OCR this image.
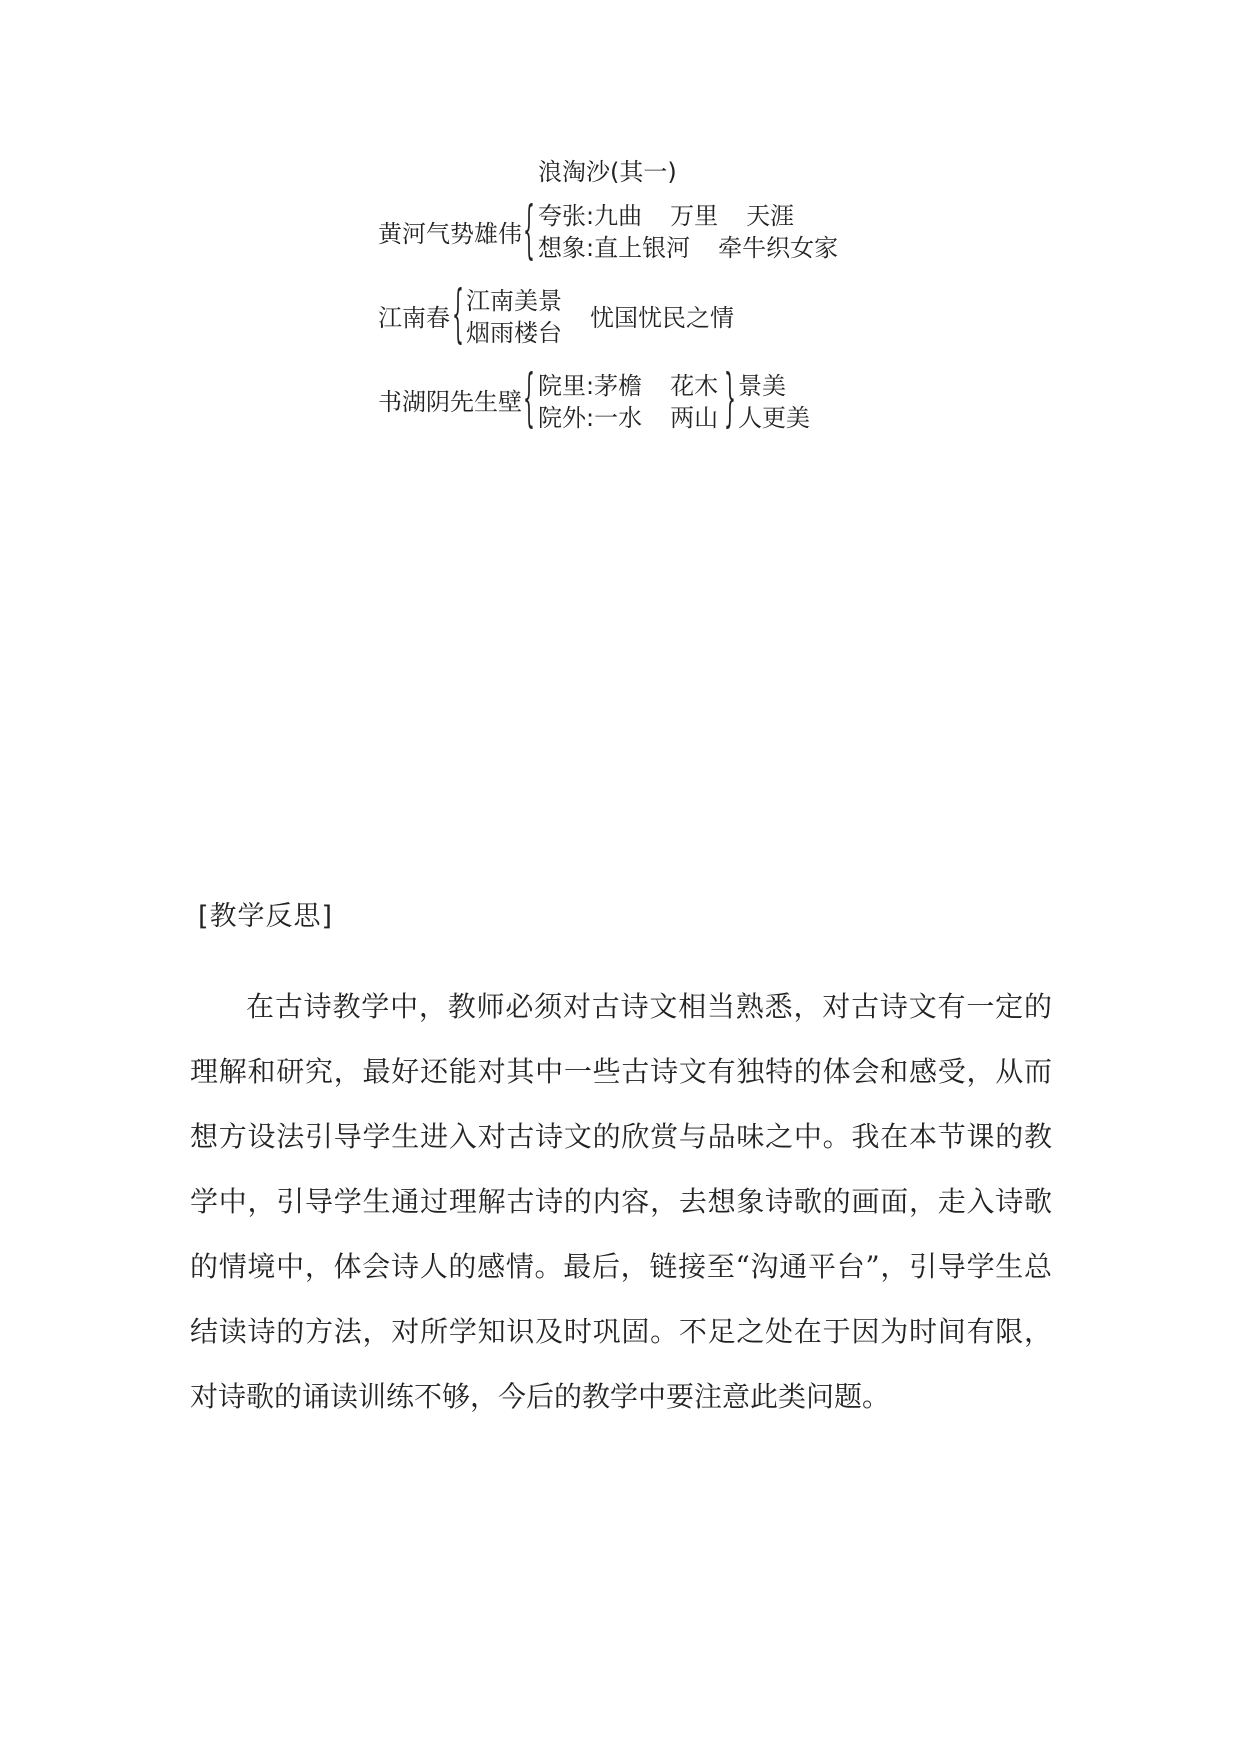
浪淘沙(其一)
黄河气势雄伟 { 夸张:九曲 万里 天涯
想象:直上银河 牵牛织女家
江南春 { 江南美景
烟雨楼台
忧国忧民之情
书湖阴先生壁 { 院里:茅檐 花木
院外:一水 两山 } 景美
人更美
[教学反思]

在古诗教学中，教师必须对古诗文相当熟悉，对古诗文有一定的理解和研究，最好还能对其中一些古诗文有独特的体会和感受，从而想方设法引导学生进入对古诗文的欣赏与品味之中。我在本节课的教学中，引导学生通过理解古诗的内容，去想象诗歌的画面，走入诗歌的情境中，体会诗人的感情。最后，链接至“沟通平台”，引导学生总结读诗的方法，对所学知识及时巩固。不足之处在于因为时间有限，对诗歌的诵读训练不够，今后的教学中要注意此类问题。
